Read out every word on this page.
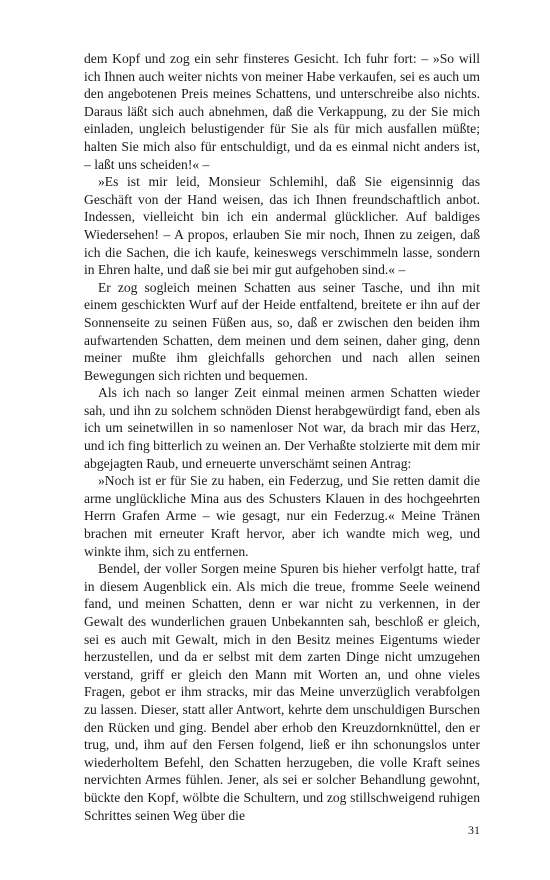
dem Kopf und zog ein sehr finsteres Gesicht. Ich fuhr fort: – »So will ich Ihnen auch weiter nichts von meiner Habe verkaufen, sei es auch um den angebotenen Preis meines Schattens, und unterschreibe also nichts. Daraus läßt sich auch abnehmen, daß die Verkappung, zu der Sie mich einladen, ungleich belustigender für Sie als für mich ausfallen müßte; halten Sie mich also für entschuldigt, und da es einmal nicht anders ist, – laßt uns scheiden!« –

»Es ist mir leid, Monsieur Schlemihl, daß Sie eigensinnig das Geschäft von der Hand weisen, das ich Ihnen freundschaftlich anbot. Indessen, vielleicht bin ich ein andermal glücklicher. Auf baldiges Wiedersehen! – A propos, erlauben Sie mir noch, Ihnen zu zeigen, daß ich die Sachen, die ich kaufe, keineswegs verschimmeln lasse, sondern in Ehren halte, und daß sie bei mir gut aufgehoben sind.« –

Er zog sogleich meinen Schatten aus seiner Tasche, und ihn mit einem geschickten Wurf auf der Heide entfaltend, breitete er ihn auf der Sonnenseite zu seinen Füßen aus, so, daß er zwischen den beiden ihm aufwartenden Schatten, dem meinen und dem seinen, daher ging, denn meiner mußte ihm gleichfalls gehorchen und nach allen seinen Bewegungen sich richten und bequemen.

Als ich nach so langer Zeit einmal meinen armen Schatten wieder sah, und ihn zu solchem schnöden Dienst herabgewürdigt fand, eben als ich um seinetwillen in so namenloser Not war, da brach mir das Herz, und ich fing bitterlich zu weinen an. Der Verhaßte stolzierte mit dem mir abgejagten Raub, und erneuerte unverschämt seinen Antrag:

»Noch ist er für Sie zu haben, ein Federzug, und Sie retten damit die arme unglückliche Mina aus des Schusters Klauen in des hochgeehrten Herrn Grafen Arme – wie gesagt, nur ein Federzug.« Meine Tränen brachen mit erneuter Kraft hervor, aber ich wandte mich weg, und winkte ihm, sich zu entfernen.

Bendel, der voller Sorgen meine Spuren bis hieher verfolgt hatte, traf in diesem Augenblick ein. Als mich die treue, fromme Seele weinend fand, und meinen Schatten, denn er war nicht zu verkennen, in der Gewalt des wunderlichen grauen Unbekannten sah, beschloß er gleich, sei es auch mit Gewalt, mich in den Besitz meines Eigentums wieder herzustellen, und da er selbst mit dem zarten Dinge nicht umzugehen verstand, griff er gleich den Mann mit Worten an, und ohne vieles Fragen, gebot er ihm stracks, mir das Meine unverzüglich verabfolgen zu lassen. Dieser, statt aller Antwort, kehrte dem unschuldigen Burschen den Rücken und ging. Bendel aber erhob den Kreuzdornknüttel, den er trug, und, ihm auf den Fersen folgend, ließ er ihn schonungslos unter wiederholtem Befehl, den Schatten herzugeben, die volle Kraft seines nervichten Armes fühlen. Jener, als sei er solcher Behandlung gewohnt, bückte den Kopf, wölbte die Schultern, und zog stillschweigend ruhigen Schrittes seinen Weg über die

31
